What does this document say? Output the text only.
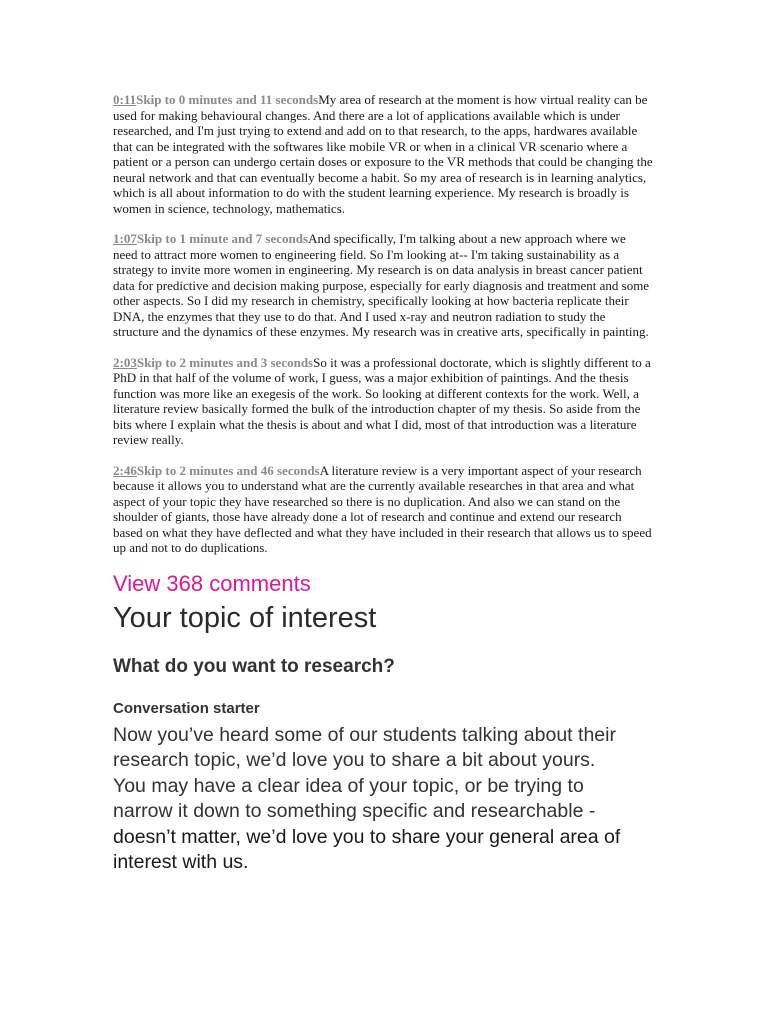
0:11Skip to 0 minutes and 11 secondsMy area of research at the moment is how virtual reality can be used for making behavioural changes. And there are a lot of applications available which is under researched, and I'm just trying to extend and add on to that research, to the apps, hardwares available that can be integrated with the softwares like mobile VR or when in a clinical VR scenario where a patient or a person can undergo certain doses or exposure to the VR methods that could be changing the neural network and that can eventually become a habit. So my area of research is in learning analytics, which is all about information to do with the student learning experience. My research is broadly is women in science, technology, mathematics.

1:07Skip to 1 minute and 7 secondsAnd specifically, I'm talking about a new approach where we need to attract more women to engineering field. So I'm looking at-- I'm taking sustainability as a strategy to invite more women in engineering. My research is on data analysis in breast cancer patient data for predictive and decision making purpose, especially for early diagnosis and treatment and some other aspects. So I did my research in chemistry, specifically looking at how bacteria replicate their DNA, the enzymes that they use to do that. And I used x-ray and neutron radiation to study the structure and the dynamics of these enzymes. My research was in creative arts, specifically in painting.

2:03Skip to 2 minutes and 3 secondsSo it was a professional doctorate, which is slightly different to a PhD in that half of the volume of work, I guess, was a major exhibition of paintings. And the thesis function was more like an exegesis of the work. So looking at different contexts for the work. Well, a literature review basically formed the bulk of the introduction chapter of my thesis. So aside from the bits where I explain what the thesis is about and what I did, most of that introduction was a literature review really.

2:46Skip to 2 minutes and 46 secondsA literature review is a very important aspect of your research because it allows you to understand what are the currently available researches in that area and what aspect of your topic they have researched so there is no duplication. And also we can stand on the shoulder of giants, those have already done a lot of research and continue and extend our research based on what they have deflected and what they have included in their research that allows us to speed up and not to do duplications.

View 368 comments
Your topic of interest
What do you want to research?
Conversation starter

Now you’ve heard some of our students talking about their research topic, we’d love you to share a bit about yours. You may have a clear idea of your topic, or be trying to narrow it down to something specific and researchable - doesn’t matter, we’d love you to share your general area of interest with us.
